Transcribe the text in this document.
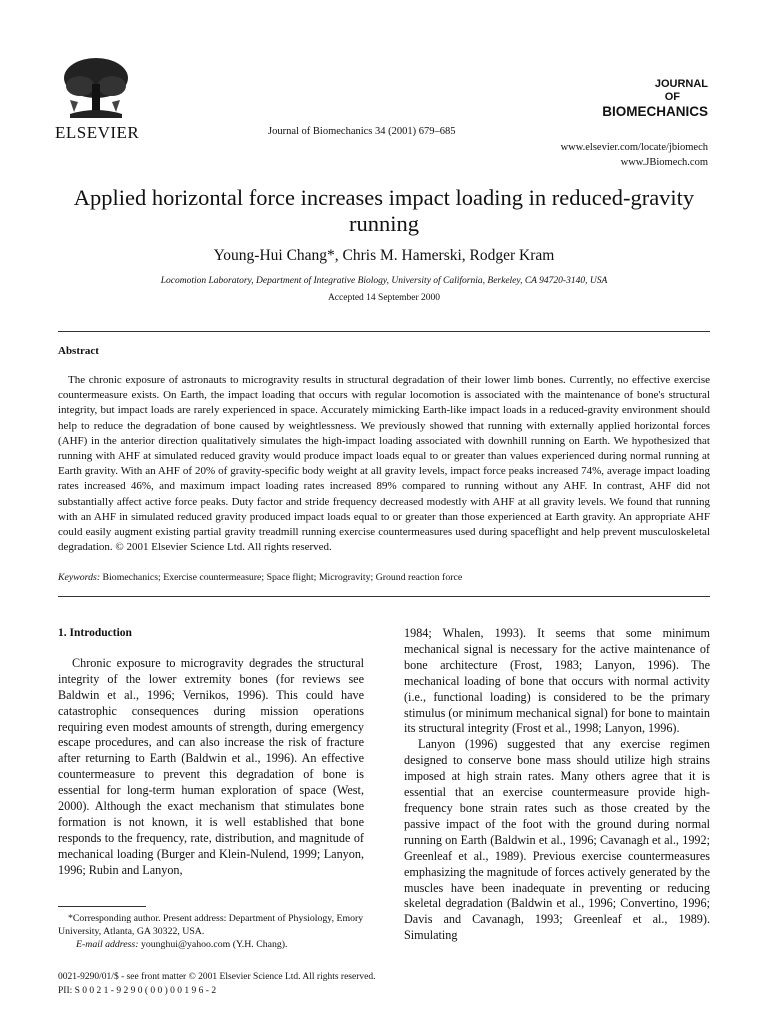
ELSEVIER	Journal of Biomechanics 34 (2001) 679–685
JOURNAL
OF
BIOMECHANICS
www.elsevier.com/locate/jbiomech
www.JBiomech.com
Applied horizontal force increases impact loading in reduced-gravity running
Young-Hui Chang*, Chris M. Hamerski, Rodger Kram
Locomotion Laboratory, Department of Integrative Biology, University of California, Berkeley, CA 94720-3140, USA
Accepted 14 September 2000
Abstract
The chronic exposure of astronauts to microgravity results in structural degradation of their lower limb bones. Currently, no effective exercise countermeasure exists. On Earth, the impact loading that occurs with regular locomotion is associated with the maintenance of bone's structural integrity, but impact loads are rarely experienced in space. Accurately mimicking Earth-like impact loads in a reduced-gravity environment should help to reduce the degradation of bone caused by weightlessness. We previously showed that running with externally applied horizontal forces (AHF) in the anterior direction qualitatively simulates the high-impact loading associated with downhill running on Earth. We hypothesized that running with AHF at simulated reduced gravity would produce impact loads equal to or greater than values experienced during normal running at Earth gravity. With an AHF of 20% of gravity-specific body weight at all gravity levels, impact force peaks increased 74%, average impact loading rates increased 46%, and maximum impact loading rates increased 89% compared to running without any AHF. In contrast, AHF did not substantially affect active force peaks. Duty factor and stride frequency decreased modestly with AHF at all gravity levels. We found that running with an AHF in simulated reduced gravity produced impact loads equal to or greater than those experienced at Earth gravity. An appropriate AHF could easily augment existing partial gravity treadmill running exercise countermeasures used during spaceflight and help prevent musculoskeletal degradation. © 2001 Elsevier Science Ltd. All rights reserved.
Keywords: Biomechanics; Exercise countermeasure; Space flight; Microgravity; Ground reaction force
1. Introduction

Chronic exposure to microgravity degrades the structural integrity of the lower extremity bones (for reviews see Baldwin et al., 1996; Vernikos, 1996). This could have catastrophic consequences during mission operations requiring even modest amounts of strength, during emergency escape procedures, and can also increase the risk of fracture after returning to Earth (Baldwin et al., 1996). An effective countermeasure to prevent this degradation of bone is essential for long-term human exploration of space (West, 2000). Although the exact mechanism that stimulates bone formation is not known, it is well established that bone responds to the frequency, rate, distribution, and magnitude of mechanical loading (Burger and Klein-Nulend, 1999; Lanyon, 1996; Rubin and Lanyon,

1984; Whalen, 1993). It seems that some minimum mechanical signal is necessary for the active maintenance of bone architecture (Frost, 1983; Lanyon, 1996). The mechanical loading of bone that occurs with normal activity (i.e., functional loading) is considered to be the primary stimulus (or minimum mechanical signal) for bone to maintain its structural integrity (Frost et al., 1998; Lanyon, 1996).

Lanyon (1996) suggested that any exercise regimen designed to conserve bone mass should utilize high strains imposed at high strain rates. Many others agree that it is essential that an exercise countermeasure provide high-frequency bone strain rates such as those created by the passive impact of the foot with the ground during normal running on Earth (Baldwin et al., 1996; Cavanagh et al., 1992; Greenleaf et al., 1989). Previous exercise countermeasures emphasizing the magnitude of forces actively generated by the muscles have been inadequate in preventing or reducing skeletal degradation (Baldwin et al., 1996; Convertino, 1996; Davis and Cavanagh, 1993; Greenleaf et al., 1989). Simulating

*Corresponding author. Present address: Department of Physiology, Emory University, Atlanta, GA 30322, USA.

E-mail address: younghui@yahoo.com (Y.H. Chang).

0021-9290/01/$ - see front matter © 2001 Elsevier Science Ltd. All rights reserved.
PII: S 0 0 2 1 - 9 2 9 0 ( 0 0 ) 0 0 1 9 6 - 2
